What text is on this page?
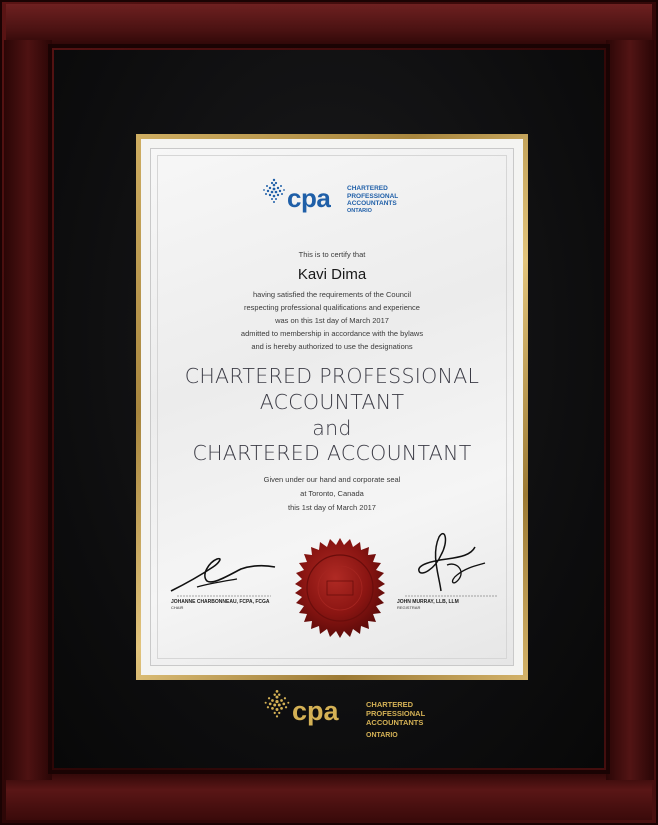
cpa	CHARTERED
PROFESSIONAL
ACCOUNTANTS
ONTARIO
This is to certify that
Kavi Dima
having satisfied the requirements of the Council
respecting professional qualifications and experience
was on this 1st day of March 2017
admitted to membership in accordance with the bylaws
and is hereby authorized to use the designations
CHARTERED PROFESSIONAL
ACCOUNTANT
and
CHARTERED ACCOUNTANT
Given under our hand and corporate seal
at Toronto, Canada
this 1st day of March 2017
JOHANNE CHARBONNEAU, FCPA, FCGA
CHAIR
JOHN MURRAY, LLB, LLM
REGISTRAR
cpa	CHARTERED
PROFESSIONAL
ACCOUNTANTS
ONTARIO
